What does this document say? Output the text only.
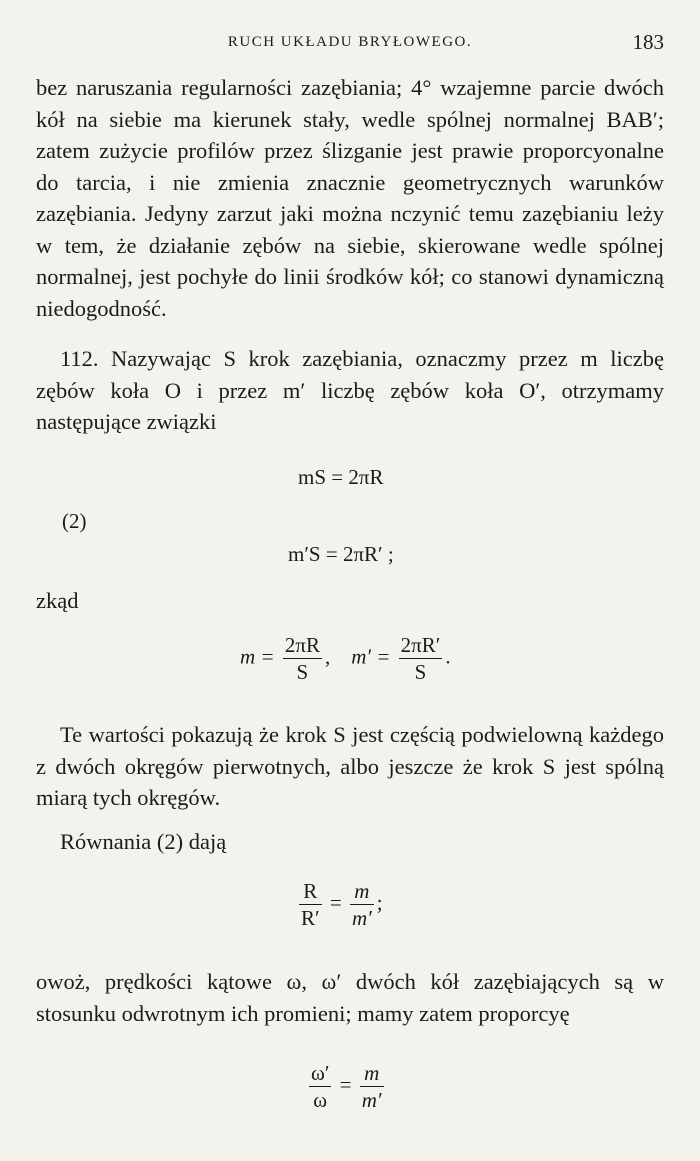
RUCH UKŁADU BRYŁOWEGO.	183

bez naruszania regularności zazębiania; 4° wzajemne parcie dwóch kół na siebie ma kierunek stały, wedle spólnej normalnej BAB′; zatem zużycie profilów przez ślizganie jest prawie proporcyonalne do tarcia, i nie zmienia znacznie geometrycznych warunków zazębiania. Jedyny zarzut jaki można nczynić temu zazębianiu leży w tem, że działanie zębów na siebie, skierowane wedle spólnej normalnej, jest pochyłe do linii środków kół; co stanowi dynamiczną niedogodność.

112. Nazywając S krok zazębiania, oznaczmy przez m liczbę zębów koła O i przez m′ liczbę zębów koła O′, otrzymamy następujące związki

mS = 2πR
(2)
m′S = 2πR′ ;

zkąd

$m = \frac{2\pi R}{S}$ , $m' = \frac{2\pi R'}{S}$ .

Te wartości pokazują że krok S jest częścią podwielowną każdego z dwóch okręgów pierwotnych, albo jeszcze że krok S jest spólną miarą tych okręgów.

Równania (2) dają

$\frac{R}{R'} = \frac{m}{m'}$ ;

owoż, prędkości kątowe ω, ω′ dwóch kół zazębiających są w stosunku odwrotnym ich promieni; mamy zatem proporcyę

$\frac{\omega'}{\omega} = \frac{m}{m'}$
